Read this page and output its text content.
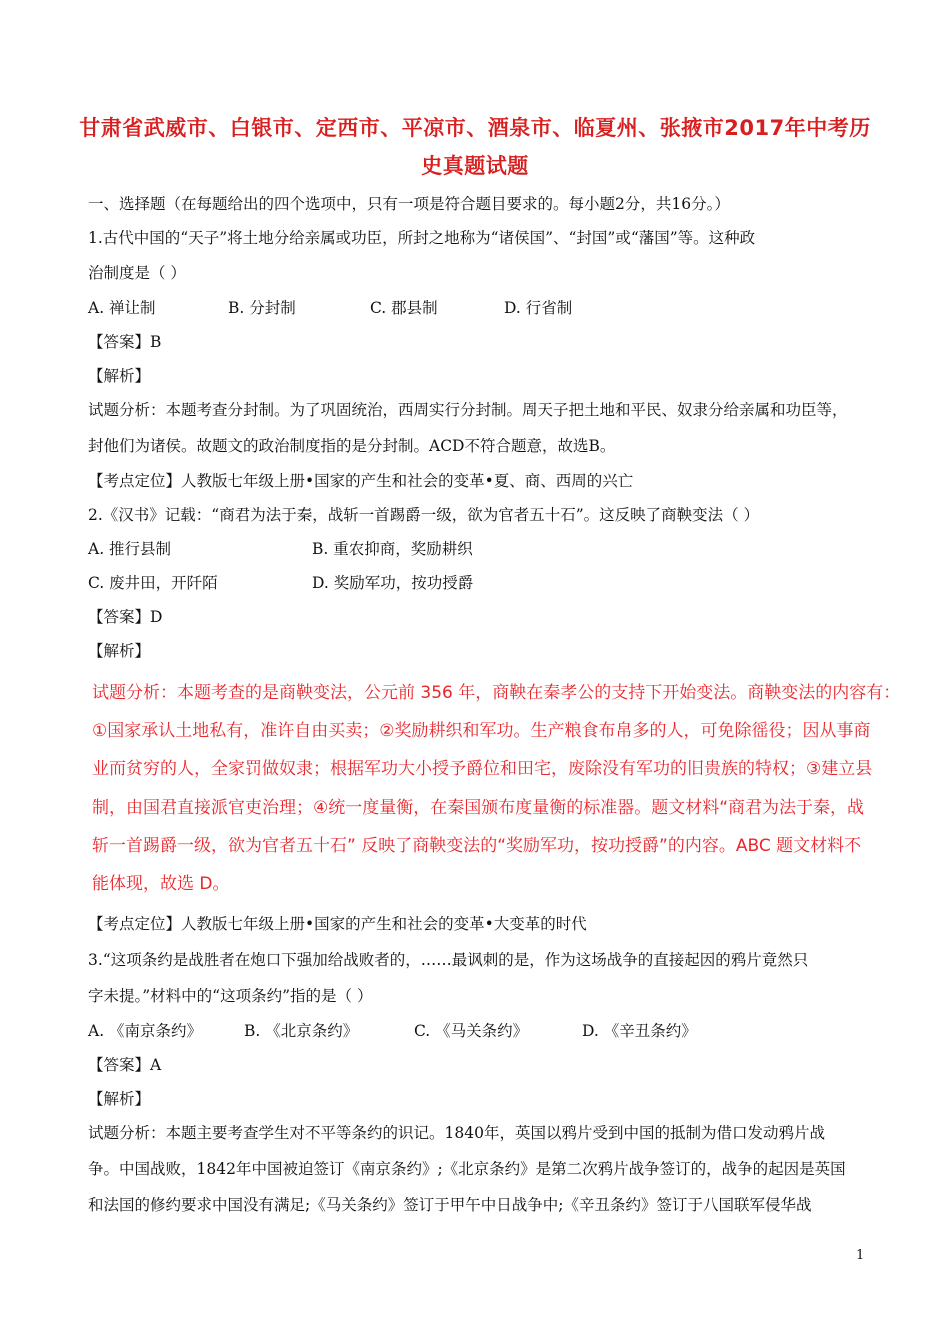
甘肃省武威市、白银市、定西市、平凉市、酒泉市、临夏州、张掖市2017年中考历
史真题试题
一、选择题（在每题给出的四个选项中，只有一项是符合题目要求的。每小题2分，共16分。）
1.古代中国的“天子”将土地分给亲属或功臣，所封之地称为“诸侯国”、“封国”或“藩国”等。这种政
治制度是（ ）
A. 禅让制	B. 分封制	C. 郡县制	D. 行省制
【答案】B
【解析】
试题分析：本题考查分封制。为了巩固统治，西周实行分封制。周天子把土地和平民、奴隶分给亲属和功臣等，
封他们为诸侯。故题文的政治制度指的是分封制。ACD不符合题意，故选B。
【考点定位】人教版七年级上册•国家的产生和社会的变革•夏、商、西周的兴亡
2.《汉书》记载：“商君为法于秦，战斩一首踢爵一级，欲为官者五十石”。这反映了商鞅变法（ ）
A. 推行县制	B. 重农抑商，奖励耕织
C. 废井田，开阡陌	D. 奖励军功，按功授爵
【答案】D
【解析】
试题分析：本题考查的是商鞅变法，公元前 356 年，商鞅在秦孝公的支持下开始变法。商鞅变法的内容有：
①国家承认土地私有，准许自由买卖；②奖励耕织和军功。生产粮食布帛多的人，可免除徭役；因从事商
业而贫穷的人，全家罚做奴隶；根据军功大小授予爵位和田宅，废除没有军功的旧贵族的特权；③建立县
制，由国君直接派官吏治理；④统一度量衡，在秦国颁布度量衡的标准器。题文材料“商君为法于秦，战
斩一首踢爵一级，欲为官者五十石” 反映了商鞅变法的“奖励军功，按功授爵”的内容。ABC 题文材料不
能体现，故选 D。
【考点定位】人教版七年级上册•国家的产生和社会的变革•大变革的时代
3.“这项条约是战胜者在炮口下强加给战败者的，……最讽刺的是，作为这场战争的直接起因的鸦片竟然只
字未提。”材料中的“这项条约”指的是（ ）
A. 《南京条约》	B. 《北京条约》	C. 《马关条约》	D. 《辛丑条约》
【答案】A
【解析】
试题分析：本题主要考查学生对不平等条约的识记。1840年，英国以鸦片受到中国的抵制为借口发动鸦片战
争。中国战败，1842年中国被迫签订《南京条约》;《北京条约》是第二次鸦片战争签订的，战争的起因是英国
和法国的修约要求中国没有满足;《马关条约》签订于甲午中日战争中;《辛丑条约》签订于八国联军侵华战
1
